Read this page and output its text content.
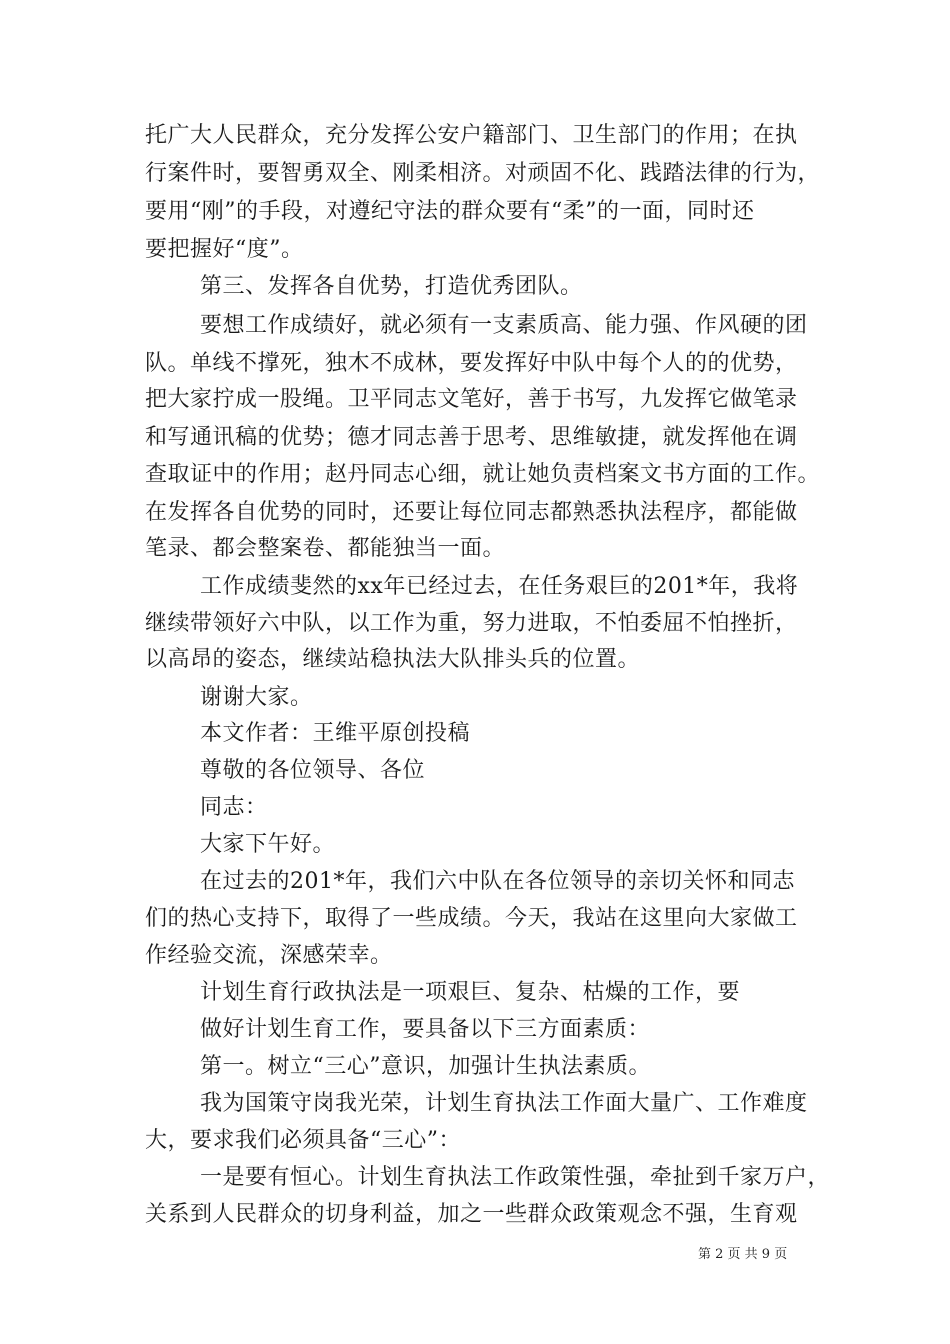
托广大人民群众，充分发挥公安户籍部门、卫生部门的作用；在执
行案件时，要智勇双全、刚柔相济。对顽固不化、践踏法律的行为，
要用“刚”的手段，对遵纪守法的群众要有“柔”的一面，同时还
要把握好“度”。
第三、发挥各自优势，打造优秀团队。
要想工作成绩好，就必须有一支素质高、能力强、作风硬的团
队。单线不撑死，独木不成林，要发挥好中队中每个人的的优势，
把大家拧成一股绳。卫平同志文笔好，善于书写，九发挥它做笔录
和写通讯稿的优势；德才同志善于思考、思维敏捷，就发挥他在调
查取证中的作用；赵丹同志心细，就让她负责档案文书方面的工作。
在发挥各自优势的同时，还要让每位同志都熟悉执法程序，都能做
笔录、都会整案卷、都能独当一面。
工作成绩斐然的xx年已经过去，在任务艰巨的201*年，我将
继续带领好六中队，以工作为重，努力进取，不怕委屈不怕挫折，
以高昂的姿态，继续站稳执法大队排头兵的位置。
谢谢大家。
本文作者：王维平原创投稿
尊敬的各位领导、各位
同志：
大家下午好。
在过去的201*年，我们六中队在各位领导的亲切关怀和同志
们的热心支持下，取得了一些成绩。今天，我站在这里向大家做工
作经验交流，深感荣幸。
计划生育行政执法是一项艰巨、复杂、枯燥的工作，要
做好计划生育工作，要具备以下三方面素质：
第一。树立“三心”意识，加强计生执法素质。
我为国策守岗我光荣，计划生育执法工作面大量广、工作难度
大，要求我们必须具备“三心”：
一是要有恒心。计划生育执法工作政策性强，牵扯到千家万户，
关系到人民群众的切身利益，加之一些群众政策观念不强，生育观
第 2 页 共 9 页
